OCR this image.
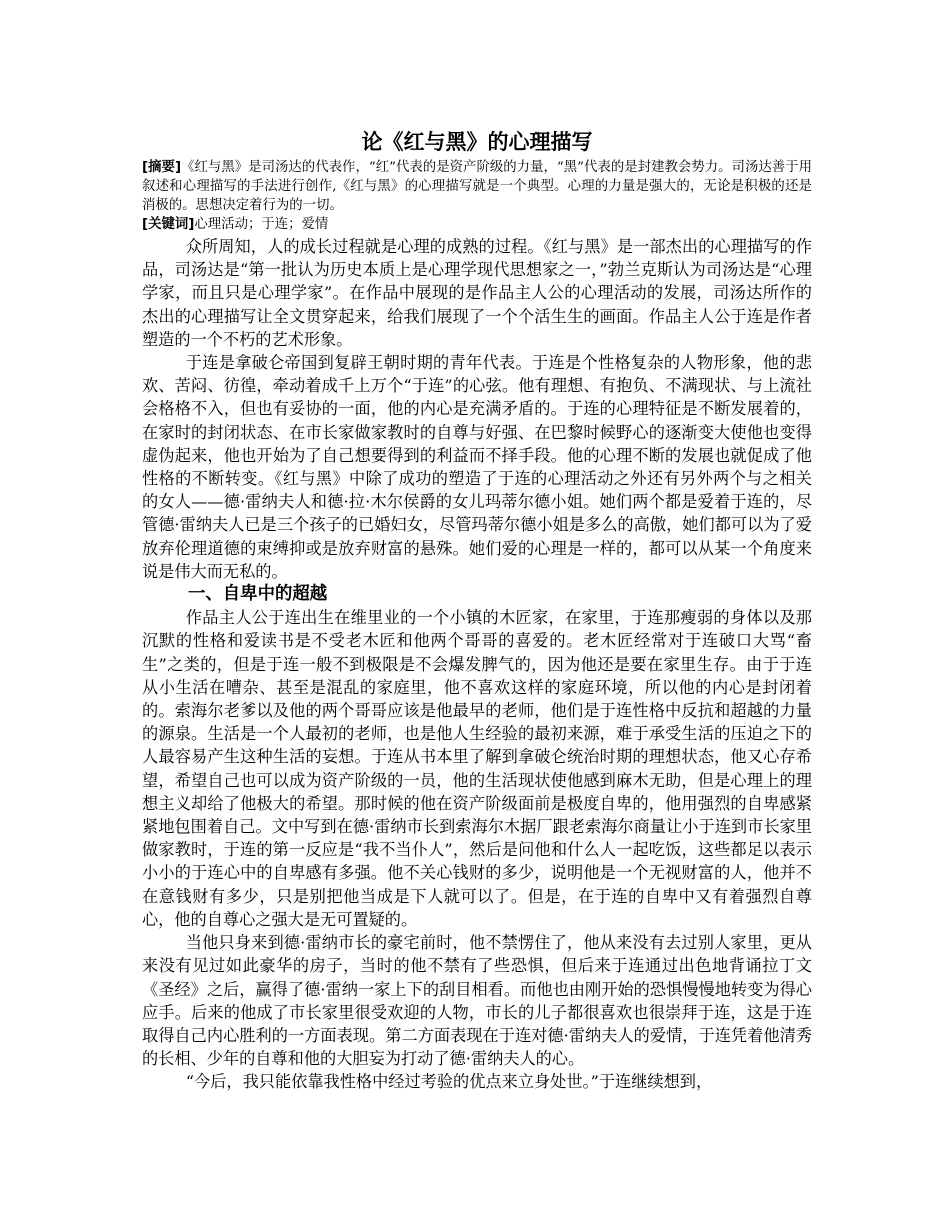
论《红与黑》的心理描写

[摘要]《红与黑》是司汤达的代表作，“红”代表的是资产阶级的力量，“黑”代表的是封建教会势力。司汤达善于用叙述和心理描写的手法进行创作,《红与黑》的心理描写就是一个典型。心理的力量是强大的，无论是积极的还是消极的。思想决定着行为的一切。

[关键词]心理活动；于连；爱情

众所周知，人的成长过程就是心理的成熟的过程。《红与黑》是一部杰出的心理描写的作品，司汤达是“第一批认为历史本质上是心理学现代思想家之一，”勃兰克斯认为司汤达是“心理学家，而且只是心理学家”。在作品中展现的是作品主人公的心理活动的发展，司汤达所作的杰出的心理描写让全文贯穿起来，给我们展现了一个个活生生的画面。作品主人公于连是作者塑造的一个不朽的艺术形象。

于连是拿破仑帝国到复辟王朝时期的青年代表。于连是个性格复杂的人物形象，他的悲欢、苦闷、彷徨，牵动着成千上万个“于连”的心弦。他有理想、有抱负、不满现状、与上流社会格格不入，但也有妥协的一面，他的内心是充满矛盾的。于连的心理特征是不断发展着的，在家时的封闭状态、在市长家做家教时的自尊与好强、在巴黎时候野心的逐渐变大使他也变得虚伪起来，他也开始为了自己想要得到的利益而不择手段。他的心理不断的发展也就促成了他性格的不断转变。《红与黑》中除了成功的塑造了于连的心理活动之外还有另外两个与之相关的女人——德·雷纳夫人和德·拉·木尔侯爵的女儿玛蒂尔德小姐。她们两个都是爱着于连的，尽管德·雷纳夫人已是三个孩子的已婚妇女，尽管玛蒂尔德小姐是多么的高傲，她们都可以为了爱放弃伦理道德的束缚抑或是放弃财富的悬殊。她们爱的心理是一样的，都可以从某一个角度来说是伟大而无私的。

一、自卑中的超越

作品主人公于连出生在维里业的一个小镇的木匠家，在家里，于连那瘦弱的身体以及那沉默的性格和爱读书是不受老木匠和他两个哥哥的喜爱的。老木匠经常对于连破口大骂“畜生”之类的，但是于连一般不到极限是不会爆发脾气的，因为他还是要在家里生存。由于于连从小生活在嘈杂、甚至是混乱的家庭里，他不喜欢这样的家庭环境，所以他的内心是封闭着的。索海尔老爹以及他的两个哥哥应该是他最早的老师，他们是于连性格中反抗和超越的力量的源泉。生活是一个人最初的老师，也是他人生经验的最初来源，难于承受生活的压迫之下的人最容易产生这种生活的妄想。于连从书本里了解到拿破仑统治时期的理想状态，他又心存希望，希望自己也可以成为资产阶级的一员，他的生活现状使他感到麻木无助，但是心理上的理想主义却给了他极大的希望。那时候的他在资产阶级面前是极度自卑的，他用强烈的自卑感紧紧地包围着自己。文中写到在德·雷纳市长到索海尔木据厂跟老索海尔商量让小于连到市长家里做家教时，于连的第一反应是“我不当仆人”，然后是问他和什么人一起吃饭，这些都足以表示小小的于连心中的自卑感有多强。他不关心钱财的多少，说明他是一个无视财富的人，他并不在意钱财有多少，只是别把他当成是下人就可以了。但是，在于连的自卑中又有着强烈自尊心，他的自尊心之强大是无可置疑的。

当他只身来到德·雷纳市长的豪宅前时，他不禁愣住了，他从来没有去过别人家里，更从来没有见过如此豪华的房子，当时的他不禁有了些恐惧，但后来于连通过出色地背诵拉丁文《圣经》之后，赢得了德·雷纳一家上下的刮目相看。而他也由刚开始的恐惧慢慢地转变为得心应手。后来的他成了市长家里很受欢迎的人物，市长的儿子都很喜欢也很崇拜于连，这是于连取得自己内心胜利的一方面表现。第二方面表现在于连对德·雷纳夫人的爱情，于连凭着他清秀的长相、少年的自尊和他的大胆妄为打动了德·雷纳夫人的心。

“今后，我只能依靠我性格中经过考验的优点来立身处世。”于连继续想到，
